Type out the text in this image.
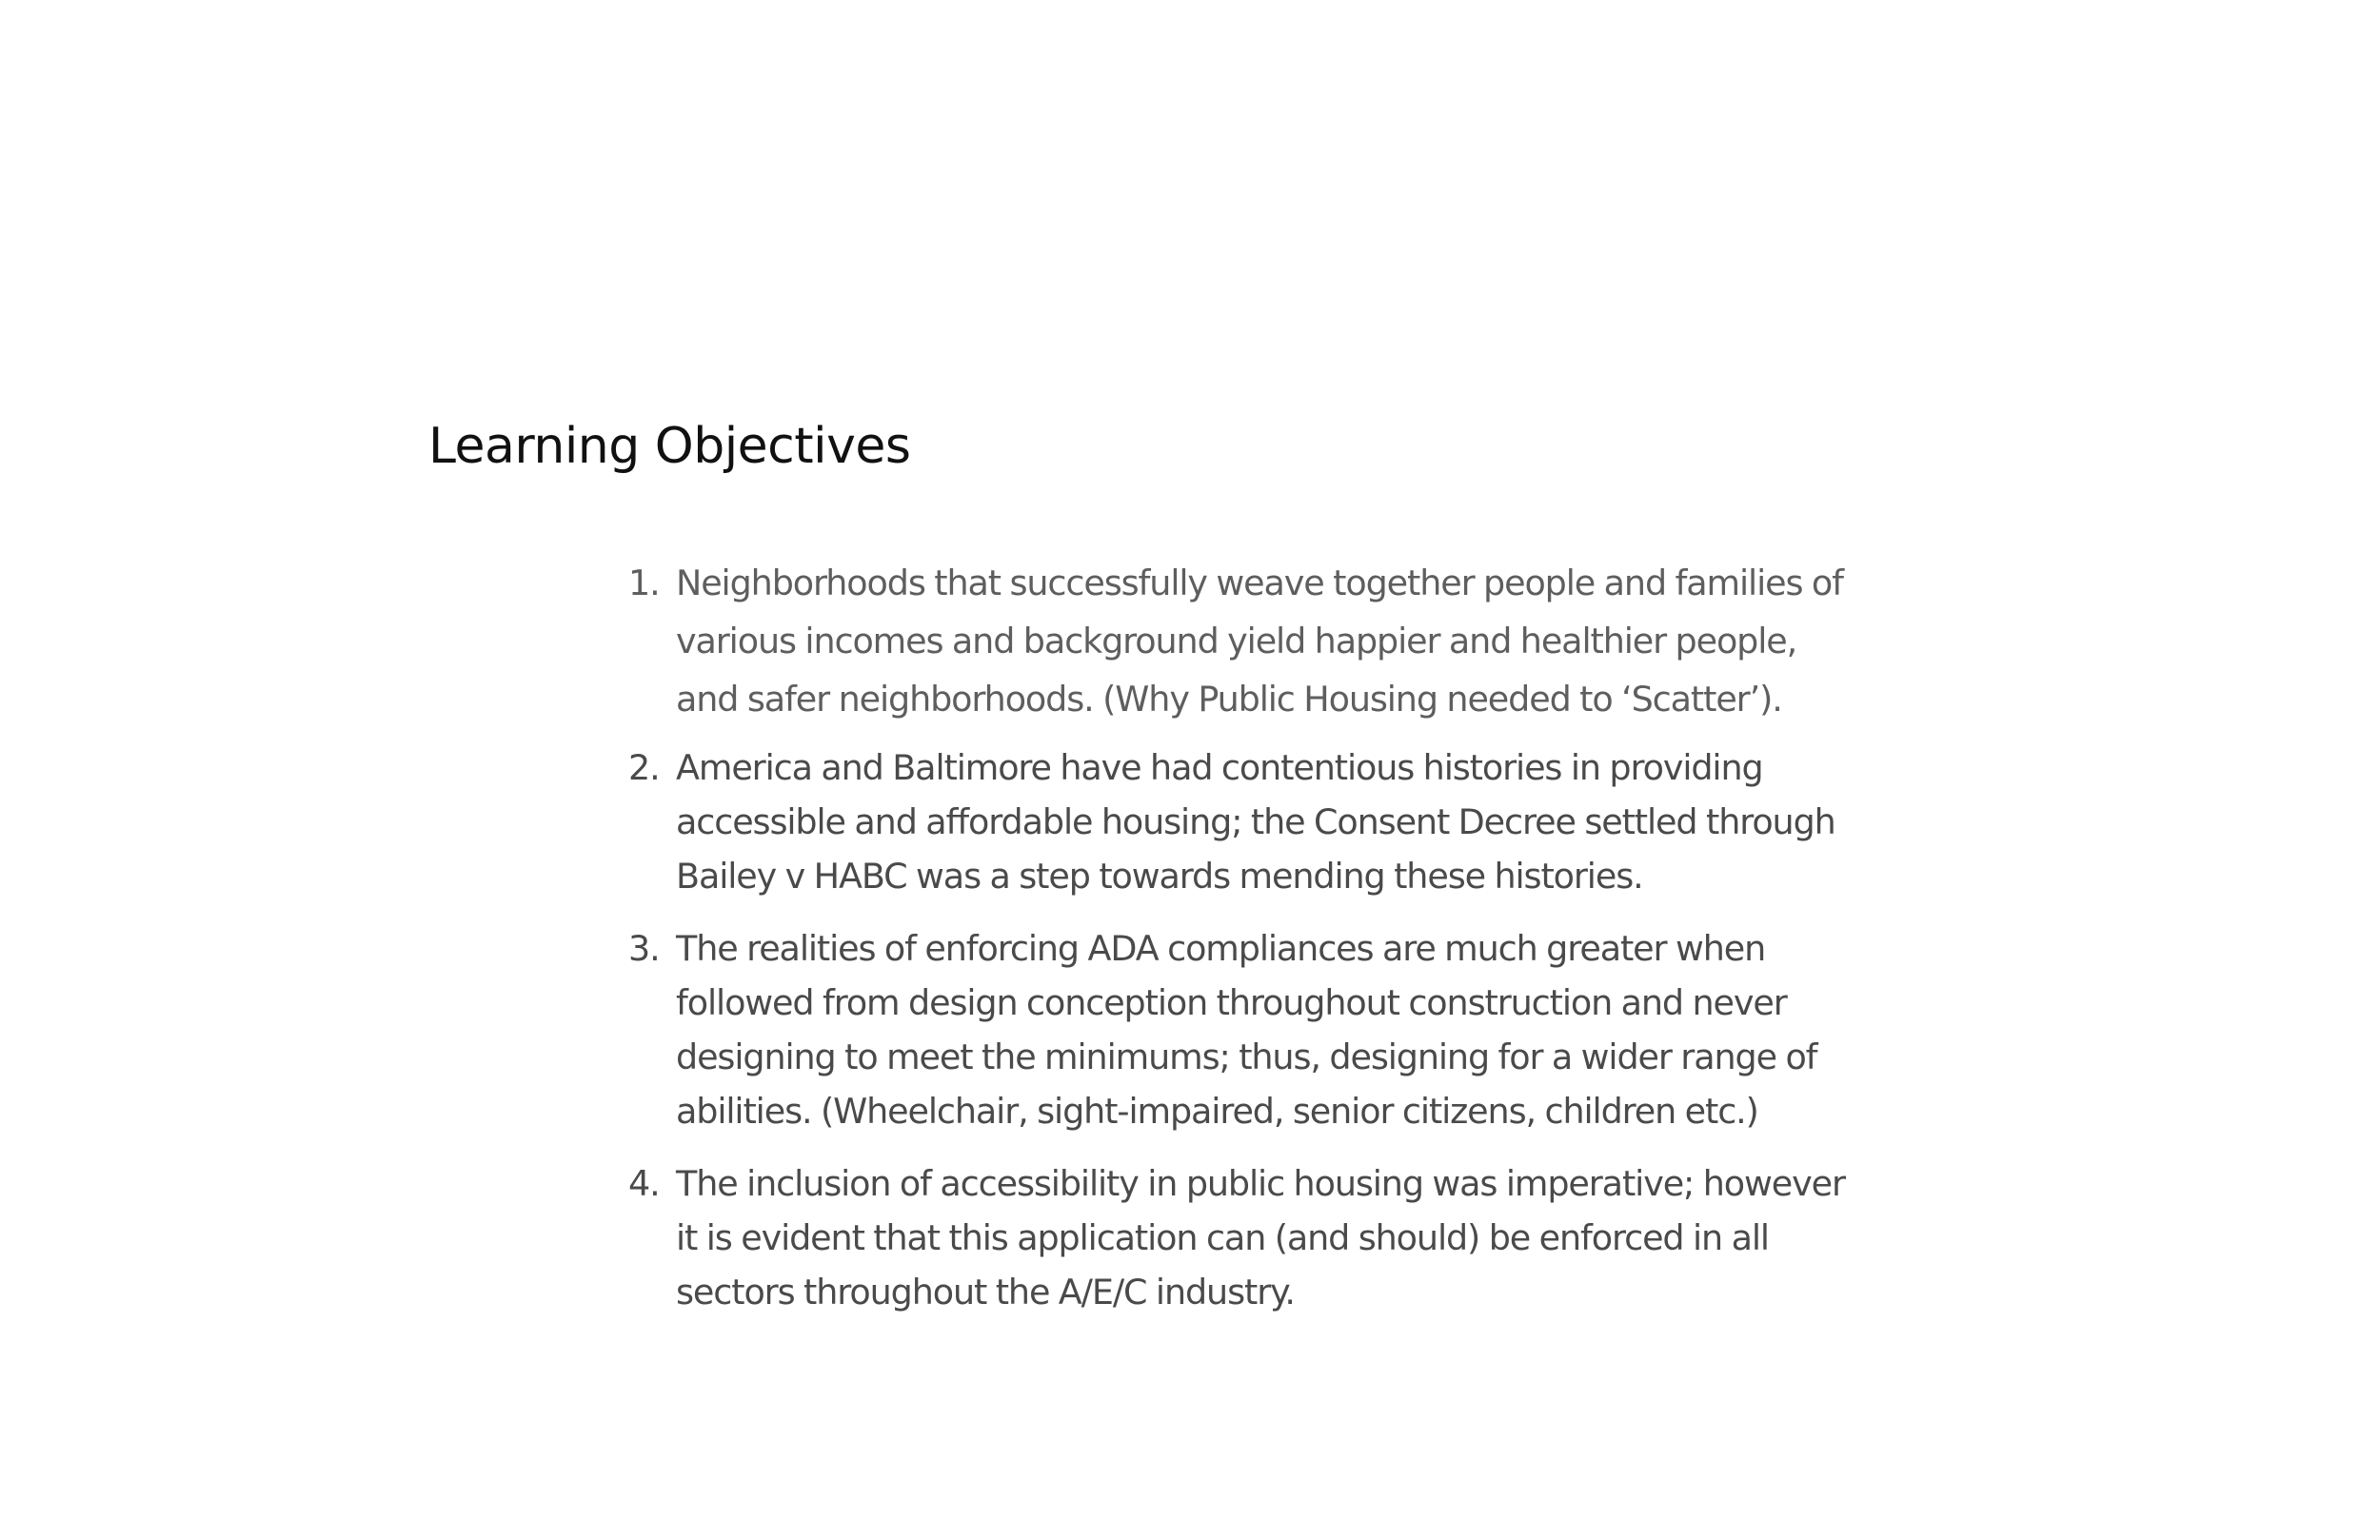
Learning Objectives
1. Neighborhoods that successfully weave together people and families of various incomes and background yield happier and healthier people, and safer neighborhoods. (Why Public Housing needed to ‘Scatter’).
2. America and Baltimore have had contentious histories in providing accessible and affordable housing; the Consent Decree settled through Bailey v HABC was a step towards mending these histories.
3. The realities of enforcing ADA compliances are much greater when followed from design conception throughout construction and never designing to meet the minimums; thus, designing for a wider range of abilities. (Wheelchair, sight-impaired, senior citizens, children etc.)
4. The inclusion of accessibility in public housing was imperative; however it is evident that this application can (and should) be enforced in all sectors throughout the A/E/C industry.
